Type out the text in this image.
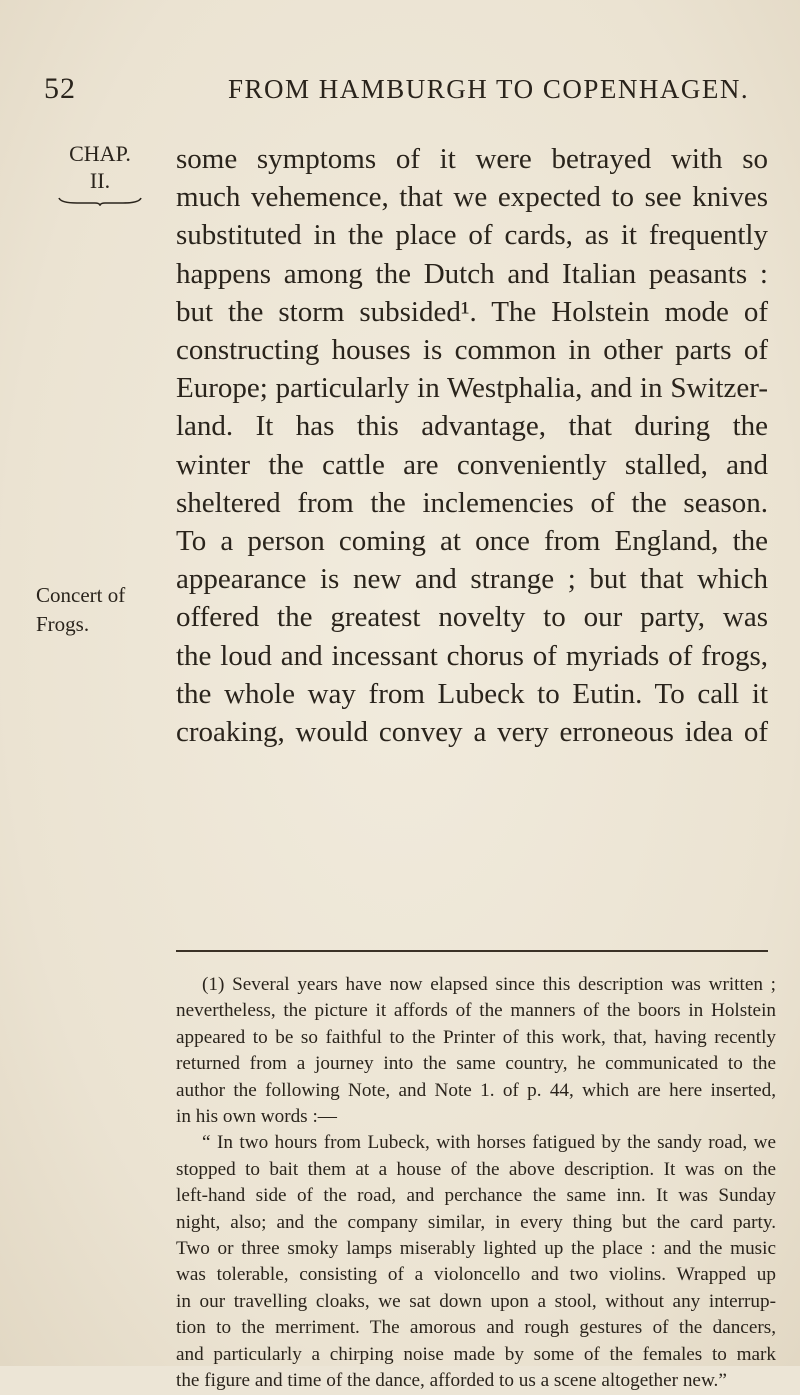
52	FROM HAMBURGH TO COPENHAGEN.
CHAP.
II.
Concert of
Frogs.
some symptoms of it were betrayed with so
much vehemence, that we expected to see knives
substituted in the place of cards, as it frequently
happens among the Dutch and Italian peasants :
but the storm subsided¹. The Holstein mode of
constructing houses is common in other parts of
Europe; particularly in Westphalia, and in Switzer-
land. It has this advantage, that during the
winter the cattle are conveniently stalled, and
sheltered from the inclemencies of the season.
To a person coming at once from England, the
appearance is new and strange ; but that which
offered the greatest novelty to our party, was
the loud and incessant chorus of myriads of frogs,
the whole way from Lubeck to Eutin. To call it
croaking, would convey a very erroneous idea of
(1) Several years have now elapsed since this description was written ;
nevertheless, the picture it affords of the manners of the boors in Holstein
appeared to be so faithful to the Printer of this work, that, having recently
returned from a journey into the same country, he communicated to the
author the following Note, and Note 1. of p. 44, which are here inserted,
in his own words :—
“ In two hours from Lubeck, with horses fatigued by the sandy road, we
stopped to bait them at a house of the above description. It was on the
left-hand side of the road, and perchance the same inn. It was Sunday
night, also; and the company similar, in every thing but the card party.
Two or three smoky lamps miserably lighted up the place : and the music
was tolerable, consisting of a violoncello and two violins. Wrapped up
in our travelling cloaks, we sat down upon a stool, without any interrup-
tion to the merriment. The amorous and rough gestures of the dancers,
and particularly a chirping noise made by some of the females to mark
the figure and time of the dance, afforded to us a scene altogether new.”
